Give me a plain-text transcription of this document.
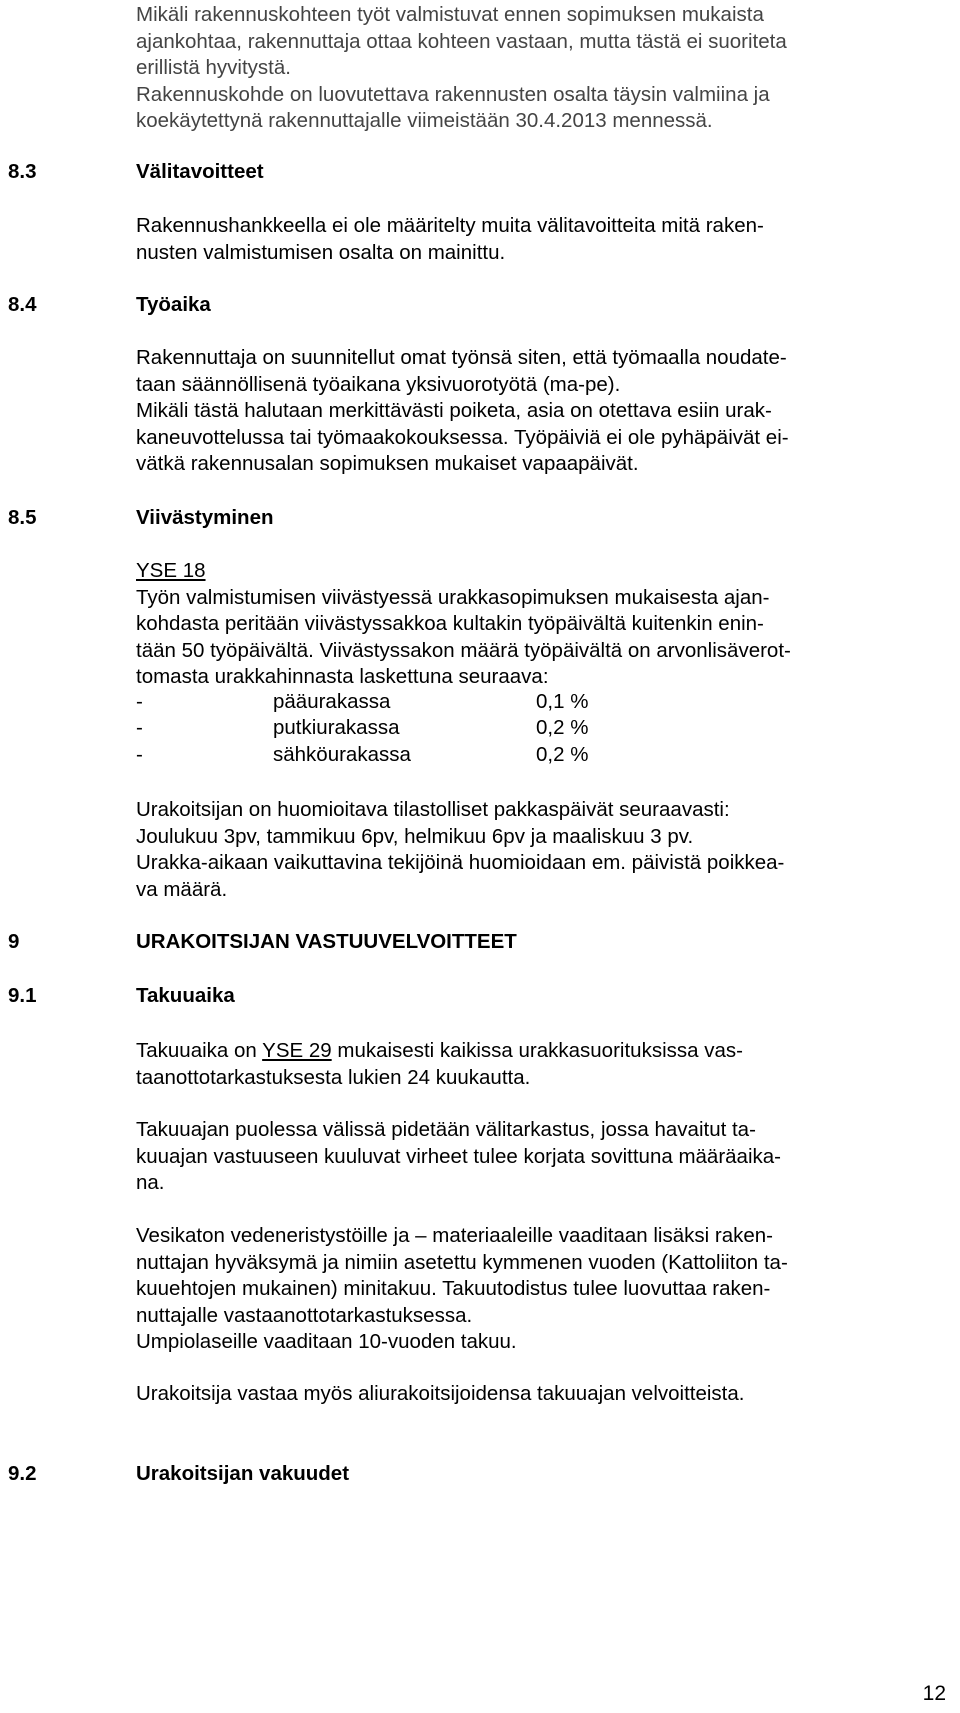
Mikäli rakennuskohteen työt valmistuvat ennen sopimuksen mukaista
ajankohtaa, rakennuttaja ottaa kohteen vastaan, mutta tästä ei suoriteta
erillistä hyvitystä.
Rakennuskohde on luovutettava rakennusten osalta täysin valmiina ja
koekäytettynä rakennuttajalle viimeistään 30.4.2013 mennessä.
8.3	Välitavoitteet
Rakennushankkeella ei ole määritelty muita välitavoitteita mitä raken-
nusten valmistumisen osalta on mainittu.
8.4	Työaika
Rakennuttaja on suunnitellut omat työnsä siten, että työmaalla noudate-
taan säännöllisenä työaikana yksivuorotyötä (ma-pe).
Mikäli tästä halutaan merkittävästi poiketa, asia on otettava esiin urak-
kaneuvottelussa tai työmaakokouksessa. Työpäiviä ei ole pyhäpäivät ei-
vätkä rakennusalan sopimuksen mukaiset vapaapäivät.
8.5	Viivästyminen
YSE 18
Työn valmistumisen viivästyessä urakkasopimuksen mukaisesta ajan-
kohdasta peritään viivästyssakkoa kultakin työpäivältä kuitenkin enin-
tään 50 työpäivältä. Viivästyssakon määrä työpäivältä on arvonlisäverot-
tomasta urakkahinnasta laskettuna seuraava:
-	pääurakassa	0,1 %
-	putkiurakassa	0,2 %
-	sähköurakassa	0,2 %
Urakoitsijan on huomioitava tilastolliset pakkaspäivät seuraavasti:
Joulukuu 3pv, tammikuu 6pv, helmikuu 6pv ja maaliskuu 3 pv.
Urakka-aikaan vaikuttavina tekijöinä huomioidaan em. päivistä poikkea-
va määrä.
9	URAKOITSIJAN VASTUUVELVOITTEET
9.1	Takuuaika
Takuuaika on YSE 29 mukaisesti kaikissa urakkasuorituksissa vas-
taanottotarkastuksesta lukien 24 kuukautta.
Takuuajan puolessa välissä pidetään välitarkastus, jossa havaitut ta-
kuuajan vastuuseen kuuluvat virheet tulee korjata sovittuna määräaika-
na.
Vesikaton vedeneristystöille ja – materiaaleille vaaditaan lisäksi raken-
nuttajan hyväksymä ja nimiin asetettu kymmenen vuoden (Kattoliiton ta-
kuuehtojen mukainen) minitakuu. Takuutodistus tulee luovuttaa raken-
nuttajalle vastaanottotarkastuksessa.
Umpiolaseille vaaditaan 10-vuoden takuu.
Urakoitsija vastaa myös aliurakoitsijoidensa takuuajan velvoitteista.
9.2	Urakoitsijan vakuudet
12
